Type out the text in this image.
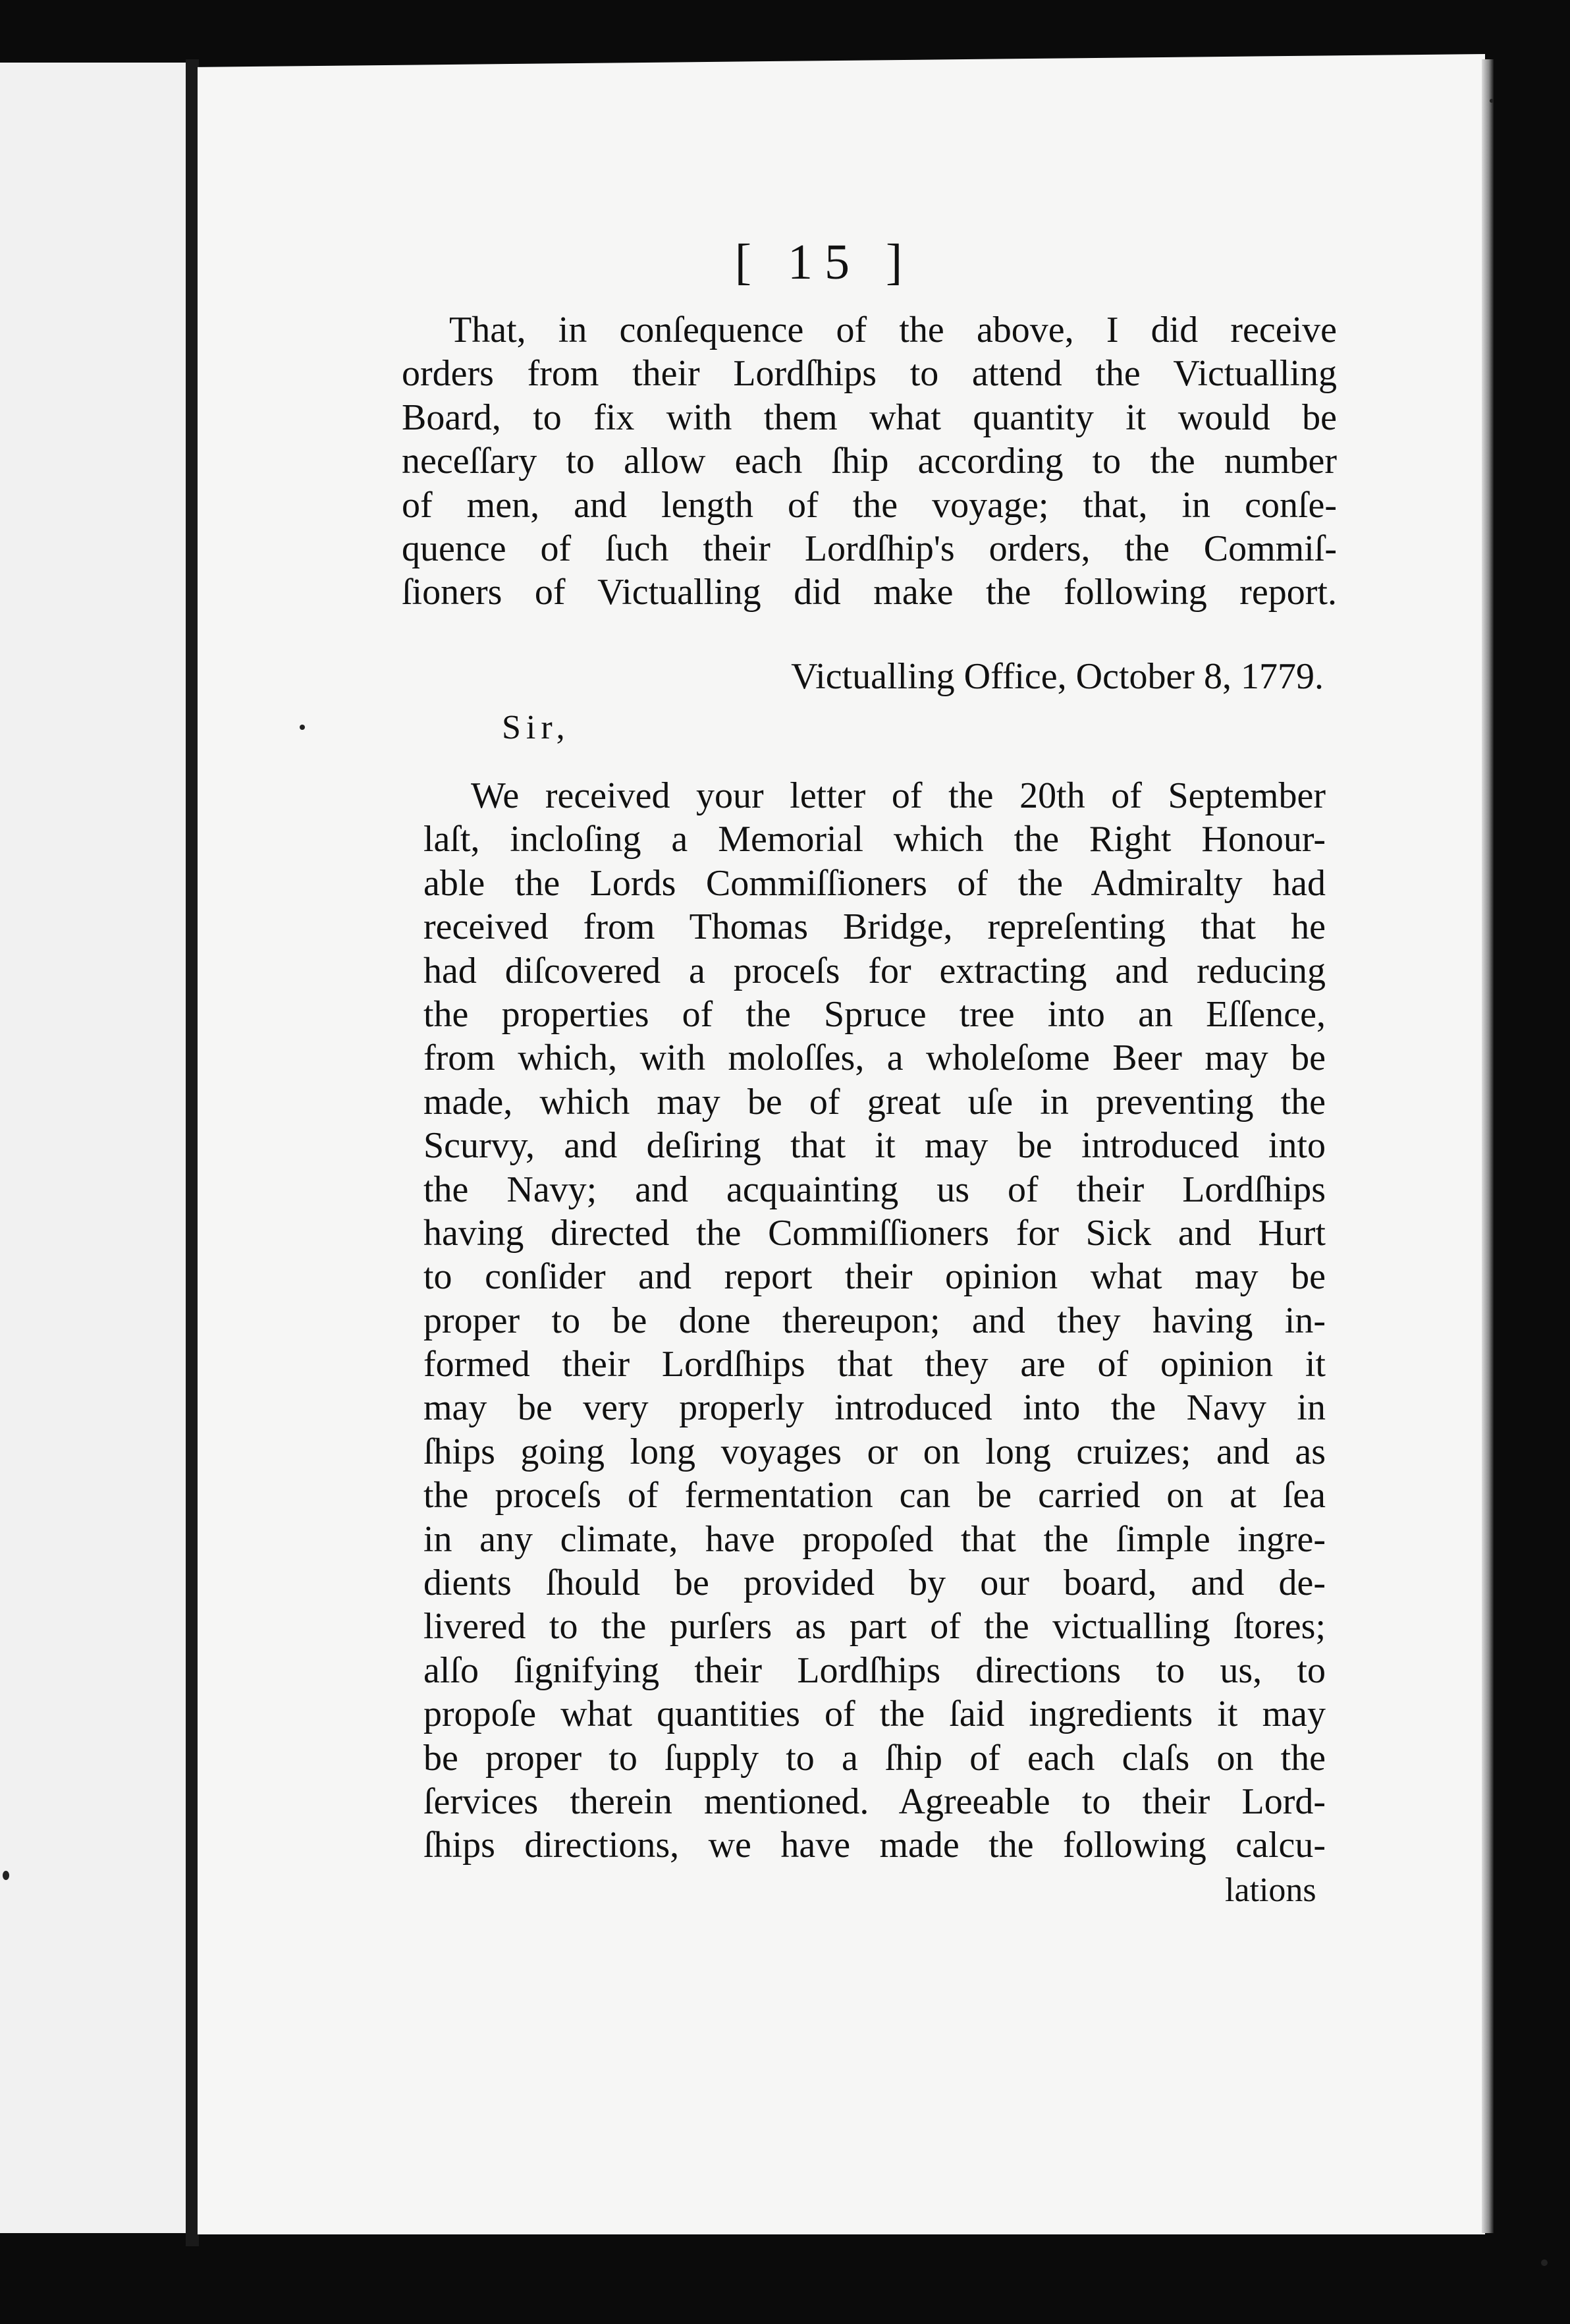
[ 15 ]
That, in conſequence of the above, I did receive
orders from their Lordſhips to attend the Victualling
Board, to fix with them what quantity it would be
neceſſary to allow each ſhip according to the number
of men, and length of the voyage; that, in conſe-
quence of ſuch their Lordſhip's orders, the Commiſ-
ſioners of Victualling did make the following report.
Victualling Office, October 8, 1779.
Sir,
We received your letter of the 20th of September
laſt, incloſing a Memorial which the Right Honour-
able the Lords Commiſſioners of the Admiralty had
received from Thomas Bridge, repreſenting that he
had diſcovered a proceſs for extracting and reducing
the properties of the Spruce tree into an Eſſence,
from which, with moloſſes, a wholeſome Beer may be
made, which may be of great uſe in preventing the
Scurvy, and deſiring that it may be introduced into
the Navy; and acquainting us of their Lordſhips
having directed the Commiſſioners for Sick and Hurt
to conſider and report their opinion what may be
proper to be done thereupon; and they having in-
formed their Lordſhips that they are of opinion it
may be very properly introduced into the Navy in
ſhips going long voyages or on long cruizes; and as
the proceſs of fermentation can be carried on at ſea
in any climate, have propoſed that the ſimple ingre-
dients ſhould be provided by our board, and de-
livered to the purſers as part of the victualling ſtores;
alſo ſignifying their Lordſhips directions to us, to
propoſe what quantities of the ſaid ingredients it may
be proper to ſupply to a ſhip of each claſs on the
ſervices therein mentioned. Agreeable to their Lord-
ſhips directions, we have made the following calcu-
lations
